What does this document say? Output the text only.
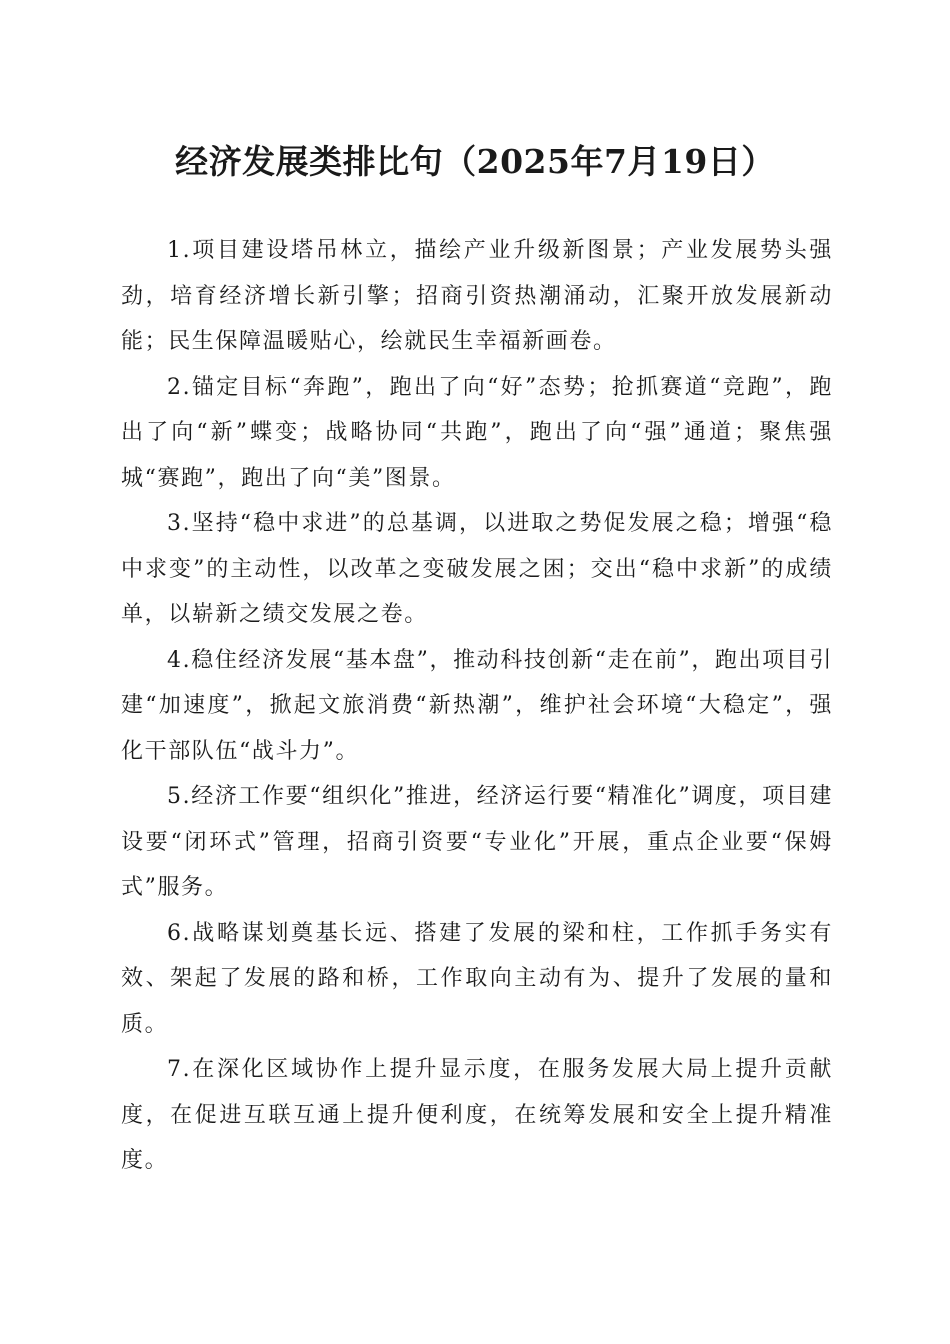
经济发展类排比句（2025年7月19日）

1.项目建设塔吊林立，描绘产业升级新图景；产业发展势头强劲，培育经济增长新引擎；招商引资热潮涌动，汇聚开放发展新动能；民生保障温暖贴心，绘就民生幸福新画卷。

2.锚定目标“奔跑”，跑出了向“好”态势；抢抓赛道“竞跑”，跑出了向“新”蝶变；战略协同“共跑”，跑出了向“强”通道；聚焦强城“赛跑”，跑出了向“美”图景。

3.坚持“稳中求进”的总基调，以进取之势促发展之稳；增强“稳中求变”的主动性，以改革之变破发展之困；交出“稳中求新”的成绩单，以崭新之绩交发展之卷。

4.稳住经济发展“基本盘”，推动科技创新“走在前”，跑出项目引建“加速度”，掀起文旅消费“新热潮”，维护社会环境“大稳定”，强化干部队伍“战斗力”。

5.经济工作要“组织化”推进，经济运行要“精准化”调度，项目建设要“闭环式”管理，招商引资要“专业化”开展，重点企业要“保姆式”服务。

6.战略谋划奠基长远、搭建了发展的梁和柱，工作抓手务实有效、架起了发展的路和桥，工作取向主动有为、提升了发展的量和质。

7.在深化区域协作上提升显示度，在服务发展大局上提升贡献度，在促进互联互通上提升便利度，在统筹发展和安全上提升精准度。
